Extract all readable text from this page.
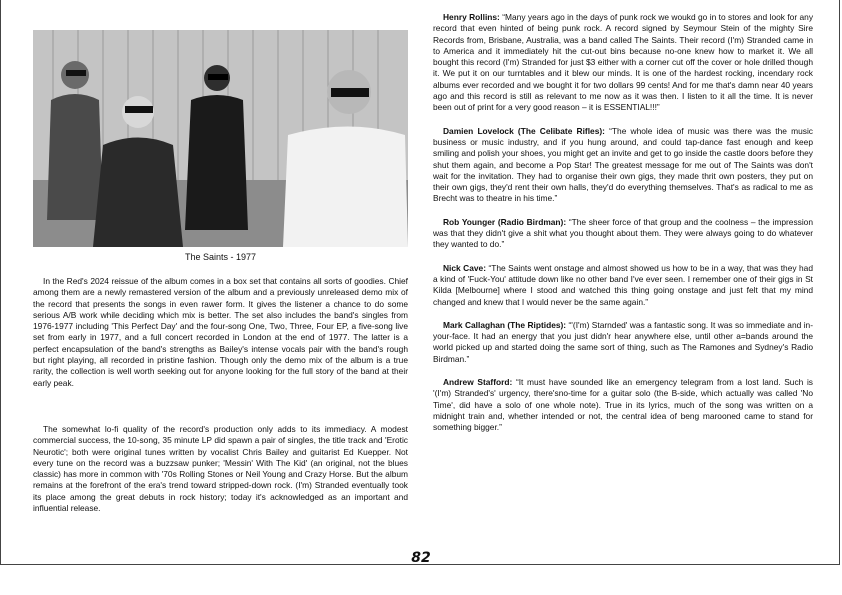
The Saints - 1977

In the Red's 2024 reissue of the album comes in a box set that contains all sorts of goodies. Chief among them are a newly remastered version of the album and a previously unreleased demo mix of the record that presents the songs in even rawer form. It gives the listener a chance to do some serious A/B work while deciding which mix is better. The set also includes the band's singles from 1976-1977 including 'This Perfect Day' and the four-song One, Two, Three, Four EP, a five-song live set from early in 1977, and a full concert recorded in London at the end of 1977. The latter is a perfect encapsulation of the band's strengths as Bailey's intense vocals pair with the band's rough but right playing, all recorded in pristine fashion. Though only the demo mix of the album is a true rarity, the collection is well worth seeking out for anyone looking for the full story of the band at their early peak.

The somewhat lo-fi quality of the record's production only adds to its immediacy. A modest commercial success, the 10-song, 35 minute LP did spawn a pair of singles, the title track and 'Erotic Neurotic'; both were original tunes written by vocalist Chris Bailey and guitarist Ed Kuepper. Not every tune on the record was a buzzsaw punker; 'Messin' With The Kid' (an original, not the blues classic) has more in common with '70s Rolling Stones or Neil Young and Crazy Horse. But the album remains at the forefront of the era's trend toward stripped-down rock. (I'm) Stranded eventually took its place among the great debuts in rock history; today it's acknowledged as an important and influential release.

Henry Rollins: “Many years ago in the days of punk rock we woukd go in to stores and look for any record that even hinted of being punk rock. A record signed by Seymour Stein of the mighty Sire Records from, Brisbane, Australia, was a band called The Saints. Their record (I'm) Stranded came in to America and it immediately hit the cut-out bins because no-one knew how to market it. We all bought this record (I'm) Stranded for just $3 either with a corner cut off the cover or hole drilled though it. We put it on our turntables and it blew our minds. It is one of the hardest rocking, incendary rock albums ever recorded and we bought it for two dollars 99 cents! And for me that's damn near 40 years ago and this record is still as relevant to me now as it was then. I listen to it all the time. It is never been out of print for a very good reason – it is ESSENTIAL!!!”

Damien Lovelock (The Celibate Rifles): “The whole idea of music was there was the music business or music industry, and if you hung around, and could tap-dance fast enough and keep smiling and polish your shoes, you might get an invite and get to go inside the castle doors before they shut them again, and become a Pop Star! The greatest message for me out of The Saints was don't wait for the invitation. They had to organise their own gigs, they made thrit own posters, they put on their own gigs, they'd rent their own halls, they'd do everything themselves. That's as radical to me as Brecht was to theatre in his time.”

Rob Younger (Radio Birdman): “The sheer force of that group and the coolness – the impression was that they didn't give a shit what you thought about them. They were always going to do whatever they wanted to do.”

Nick Cave: “The Saints went onstage and almost showed us how to be in a way, that was they had a kind of 'Fuck-You' attitude down like no other band I've ever seen. I remember one of their gigs in St Kilda [Melbourne] where I stood and watched this thing going onstage and just felt that my mind changed and knew that I would never be the same again.”

Mark Callaghan (The Riptides): “'(I'm) Starnded' was a fantastic song. It was so immediate and in-your-face. It had an energy that you just didn'r hear anywhere else, until other a=bands around the world picked up and started doing the same sort of thing, such as The Ramones and Sydney's Radio Birdman.”

Andrew Stafford: “It must have sounded like an emergency telegram from a lost land. Such is '(I'm) Stranded's' urgency, there'sno-time for a guitar solo (the B-side, which actually was called 'No Time', did have a solo of one whole note). True in its lyrics, much of the song was written on a midnight train and, whether intended or not, the central idea of beng marooned came to stand for something bigger.”

82
